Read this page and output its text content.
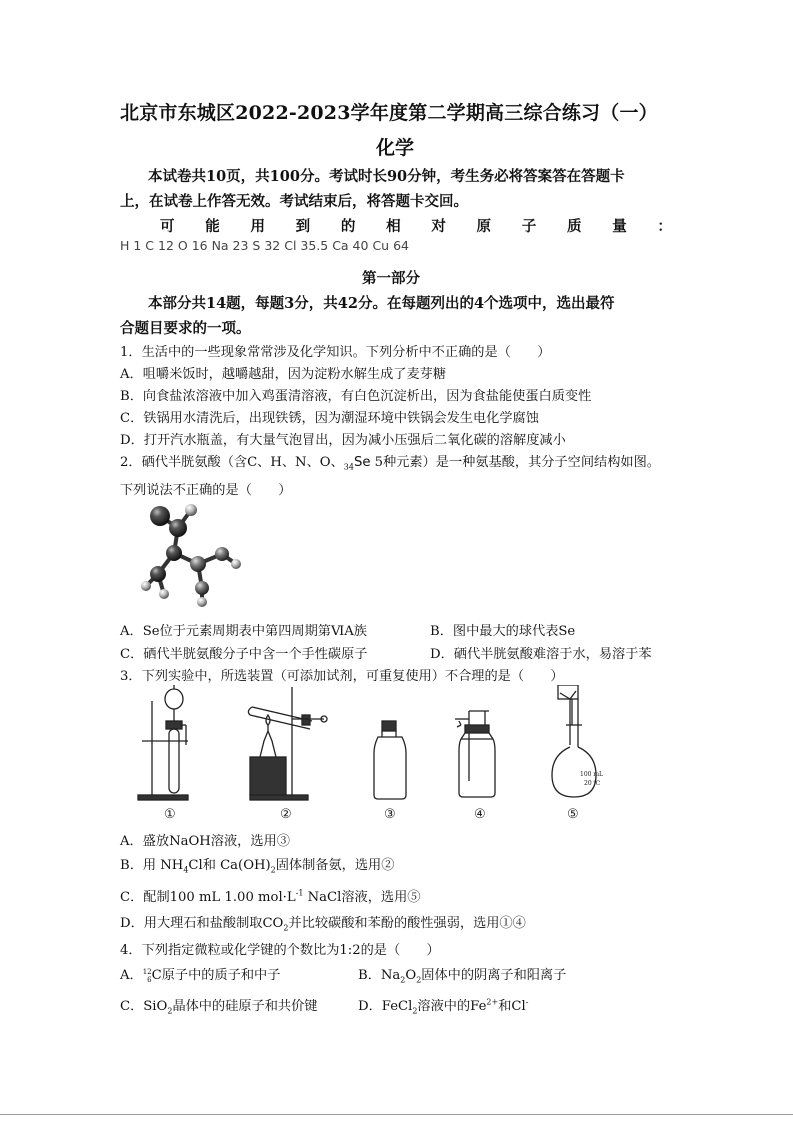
北京市东城区2022-2023学年度第二学期高三综合练习（一）
化学
本试卷共10页，共100分。考试时长90分钟，考生务必将答案答在答题卡
上，在试卷上作答无效。考试结束后，将答题卡交回。
可 能 用 到 的 相 对 原 子 质 量 ：
H 1 C 12 O 16 Na 23 S 32 Cl 35.5 Ca 40 Cu 64
第一部分
本部分共14题，每题3分，共42分。在每题列出的4个选项中，选出最符
合题目要求的一项。
1．生活中的一些现象常常涉及化学知识。下列分析中不正确的是（　　）
A．咀嚼米饭时，越嚼越甜，因为淀粉水解生成了麦芽糖
B．向食盐浓溶液中加入鸡蛋清溶液，有白色沉淀析出，因为食盐能使蛋白质变性
C．铁锅用水清洗后，出现铁锈，因为潮湿环境中铁锅会发生电化学腐蚀
D．打开汽水瓶盖，有大量气泡冒出，因为减小压强后二氧化碳的溶解度减小
2．硒代半胱氨酸（含C、H、N、O、$_{34}$Se 5种元素）是一种氨基酸，其分子空间结构如图。
下列说法不正确的是（　　）
A．Se位于元素周期表中第四周期第ⅥA族	B．图中最大的球代表Se
C．硒代半胱氨酸分子中含一个手性碳原子	D．硒代半胱氨酸难溶于水，易溶于苯
3．下列实验中，所选装置（可添加试剂，可重复使用）不合理的是（　　）
100 mL
20 ℃
①	②	③	④	⑤
A．盛放NaOH溶液，选用③
B．用 $NH_4Cl$和 $Ca(OH)_2$固体制备氨，选用②
C．配制100 mL 1.00 $mol\cdot L^{-1}$ NaCl溶液，选用⑤
D．用大理石和盐酸制取$CO_2$并比较碳酸和苯酚的酸性强弱，选用①④
4．下列指定微粒或化学键的个数比为1:2的是（　　）
A．12
6C原子中的质子和中子	B．$Na_2O_2$固体中的阴离子和阳离子
C．SiO$_2$晶体中的硅原子和共价键	D．FeCl$_2$溶液中的$Fe^{2+}$和Cl-
